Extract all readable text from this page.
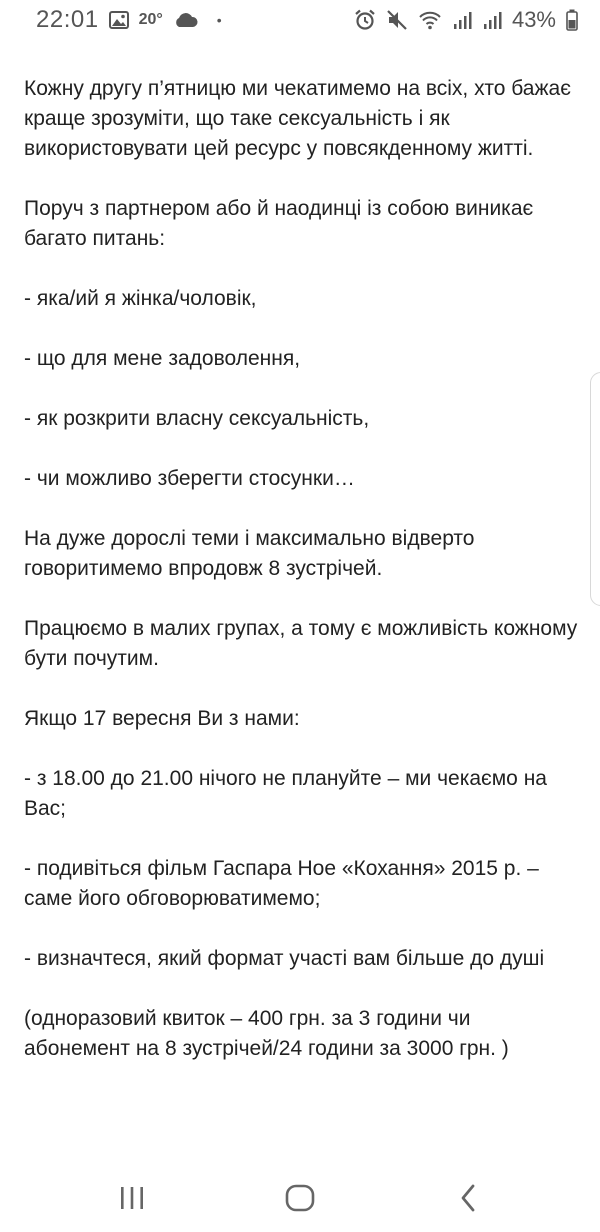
22:01	20°	•	43%

Кожну другу п’ятницю ми чекатимемо на всіх, хто бажає краще зрозуміти, що таке сексуальність і як використовувати цей ресурс у повсякденному житті.

Поруч з партнером або й наодинці із собою виникає багато питань:

- яка/ий я жінка/чоловік,

- що для мене задоволення,

- як розкрити власну сексуальність,

- чи можливо зберегти стосунки…

На дуже дорослі теми і максимально відверто говоритимемо впродовж 8 зустрічей.

Працюємо в малих групах, а тому є можливість кожному бути почутим.

Якщо 17 вересня Ви з нами:

- з 18.00 до 21.00 нічого не плануйте – ми чекаємо на Вас;

- подивіться фільм Гаспара Ное «Кохання» 2015 р. – саме його обговорюватимемо;

- визначтеся, який формат участі вам більше до душі

(одноразовий квиток – 400 грн. за 3 години чи абонемент на 8 зустрічей/24 години за 3000 грн. )
